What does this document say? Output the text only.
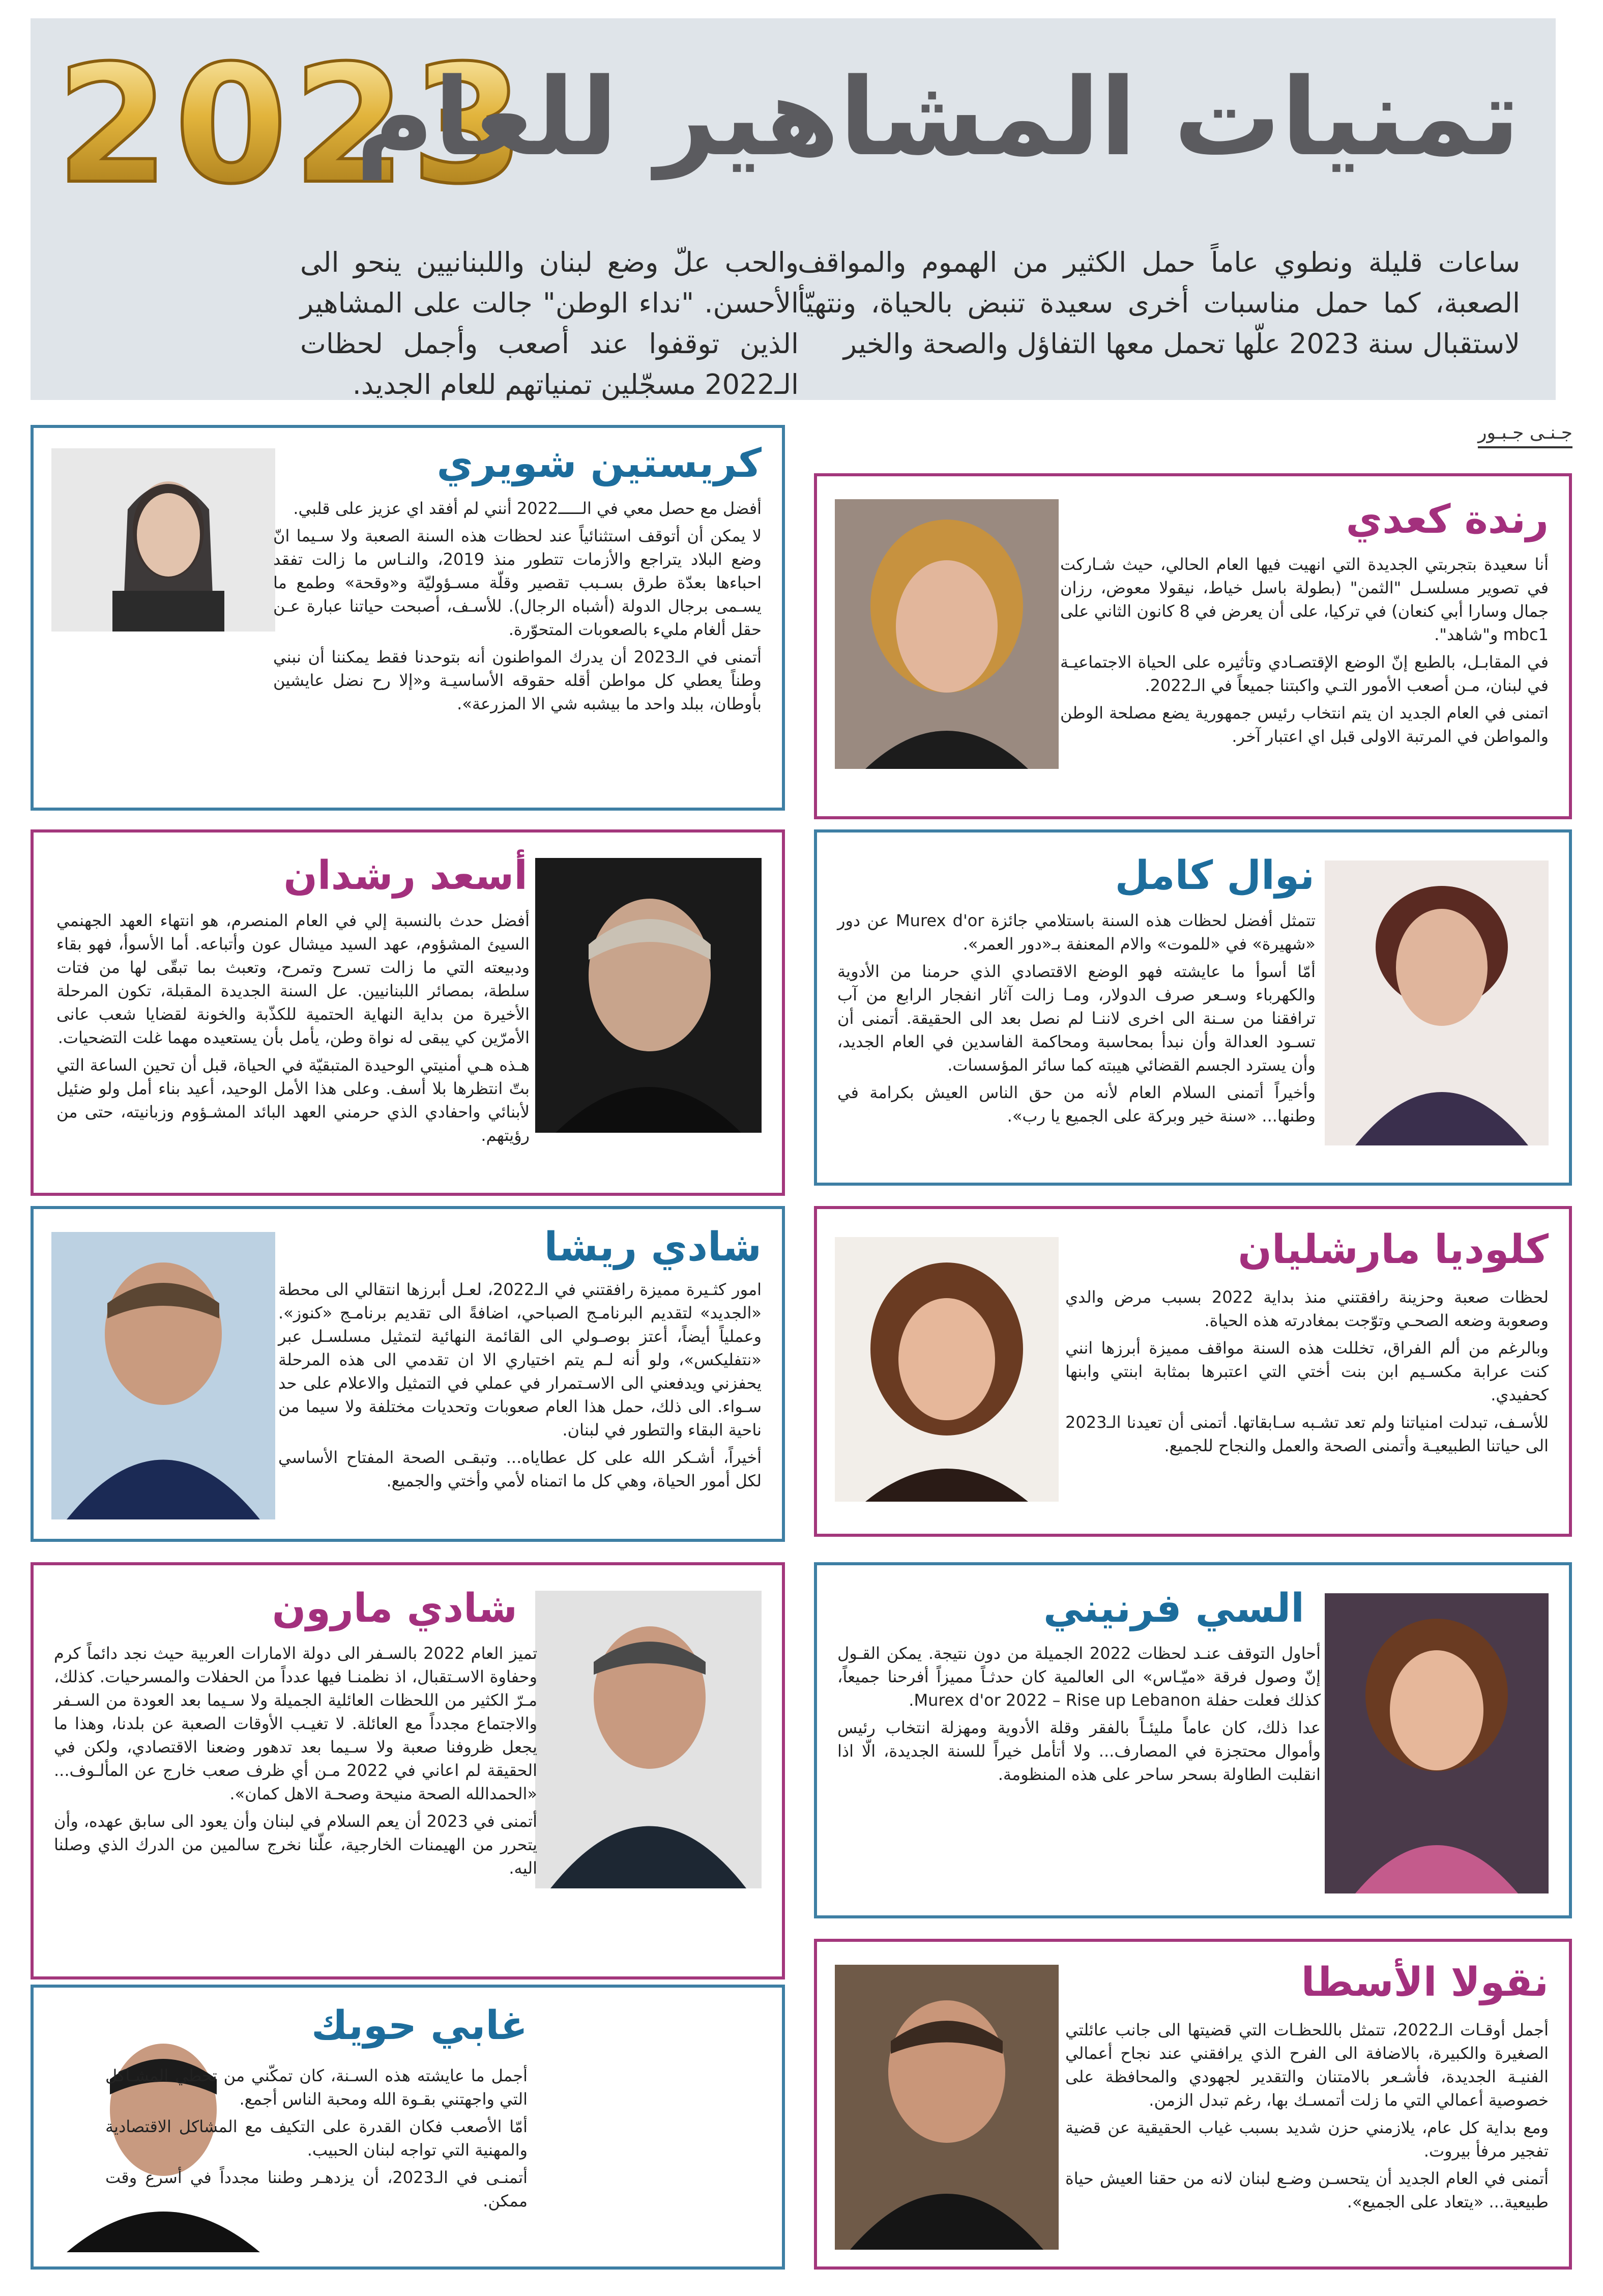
2023
تمنيات المشاهير للعام
ساعات قليلة ونطوي عاماً حمل الكثير من الهموم والمواقف الصعبة، كما حمل مناسبات أخرى سعيدة تنبض بالحياة، ونتهيّأ لاستقبال سنة 2023 علّها تحمل معها التفاؤل والصحة والخير
والحب علّ وضع لبنان واللبنانيين ينحو الى الأحسن. "نداء الوطن" جالت على المشاهير الذين توقفوا عند أصعب وأجمل لحظات الـ2022 مسجّلين تمنياتهم للعام الجديد.
جـنـى جـبـور
كريستين شويري

أفضل مع حصل معي في الـــــ2022 أنني لم أفقد اي عزيز على قلبي.

لا يمكن أن أتوقف استثنائياً عند لحظات هذه السنة الصعبة ولا سـيما انّ وضع البلاد يتراجع والأزمات تتطور منذ 2019، والنـاس ما زالت تفقد احباءها بعدّة طرق بسـبب تقصير وقلّة مسـؤوليّة و«وقحة» وطمع ما يسـمى برجال الدولة (أشباه الرجال). للأسـف، أصبحت حياتنا عبارة عـن حقل ألغام مليء بالصعوبات المتحوّرة.

أتمنى في الـ2023 أن يدرك المواطنون أنه بتوحدنا فقط يمكننا أن نبني وطناً يعطي كل مواطن أقله حقوقه الأساسيـة و«إلا رح نضل عايشين بأوطان، ببلد واحد ما بيشبه شي الا المزرعة».

رندة كعدي

أنا سعيدة بتجربتي الجديدة التي انهيت فيها العام الحالي، حيث شـاركت في تصوير مسلسـل "الثمن" (بطولة باسل خياط، نيقولا معوض، رزان جمال وسارا أبي كنعان) في تركيا، على أن يعرض في 8 كانون الثاني على mbc1 و"شاهد".

في المقابـل، بالطبع إنّ الوضع الإقتصـادي وتأثيره على الحياة الاجتماعيـة في لبنان، مـن أصعب الأمور التـي واكبتنا جميعاً في الـ2022.

اتمنى في العام الجديد ان يتم انتخاب رئيس جمهورية يضع مصلحة الوطن والمواطن في المرتبة الاولى قبل اي اعتبار آخر.

أسعد رشدان

أفضل حدث بالنسبة إلي في العام المنصرم، هو انتهاء العهد الجهنمي السيئ المشؤوم، عهد السيد ميشال عون وأتباعه. أما الأسوأ، فهو بقاء ودبيعته التي ما زالت تسرح وتمرح، وتعبث بما تبقّى لها من فتات سلطة، بمصائر اللبنانيين. عل السنة الجديدة المقبلة، تكون المرحلة الأخيرة من بداية النهاية الحتمية للكذّبة والخونة لقضايا شعب عانى الأمرّين كي يبقى له نواة وطن، يأمل بأن يستعيده مهما غلت التضحيات.

هـذه هـي أمنيتي الوحيدة المتبقيّة في الحياة، قبل أن تحين الساعة التي بتّ انتظرها بلا أسف. وعلى هذا الأمل الوحيد، أعيد بناء أمل ولو ضئيل لأبنائي واحفادي الذي حرمني العهد البائد المشـؤوم وزبانيته، حتى من رؤيتهم.

نوال كامل

تتمثل أفضل لحظات هذه السنة باستلامي جائزة Murex d'or عن دور «شهيرة» في «للموت» والام المعنفة بـ«دور العمر».

أمّا أسوأ ما عايشته فهو الوضع الاقتصادي الذي حرمنا من الأدوية والكهرباء وسـعر صرف الدولار، ومـا زالت آثار انفجار الرابع من آب ترافقنا من سـنة الى اخرى لاننـا لم نصل بعد الى الحقيقة. أتمنى أن تسـود العدالة وأن نبدأ بمحاسبة ومحاكمة الفاسدين في العام الجديد، وأن يسترد الجسم القضائي هيبته كما سائر المؤسسات.

وأخيراً أتمنى السلام العام لأنه من حق الناس العيش بكرامة في وطنها... «سنة خير وبركة على الجميع يا رب».

شادي ريشا

امور كثـيرة مميزة رافقتني في الـ2022، لعـل أبرزها انتقالي الى محطة «الجديد» لتقديم البرنامـج الصباحي، اضافةً الى تقديم برنامـج «كنوز». وعملياً أيضاً، أعتز بوصـولي الى القائمة النهائية لتمثيل مسلسـل عبر «نتفليكس»، ولو أنه لـم يتم اختياري الا ان تقدمي الى هذه المرحلة يحفزني ويدفعني الى الاسـتمرار في عملي في التمثيل والاعلام على حد سـواء. الى ذلك، حمل هذا العام صعوبات وتحديات مختلفة ولا سيما من ناحية البقاء والتطور في لبنان.

أخيراً، أشـكر الله على كل عطاياه... وتبقـى الصحة المفتاح الأساسي لكل أمور الحياة، وهي كل ما اتمناه لأمي وأختي والجميع.

كلوديا مارشليان

لحظات صعبة وحزينة رافقتني منذ بداية 2022 بسبب مرض والدي وصعوبة وضعه الصحـي وتوّجت بمغادرته هذه الحياة.

وبالرغم من ألم الفراق، تخللت هذه السنة مواقف مميزة أبرزها انني كنت عرابة مكسـيم ابن بنت أختي التي اعتبرها بمثابة ابنتي وابنها كحفيدي.

للأسـف، تبدلت امنياتنا ولم تعد تشـبه سـابقاتها. أتمنى أن تعيدنا الـ2023 الى حياتنا الطبيعيـة وأتمنى الصحة والعمل والنجاح للجميع.

شادي مارون

تميز العام 2022 بالسـفر الى دولة الامارات العربية حيث نجد دائماً كرم وحفاوة الاسـتقبال، اذ نظمنـا فيها عدداً من الحفلات والمسرحيات. كذلك، مـرّ الكثير من اللحظات العائلية الجميلة ولا سـيما بعد العودة من السـفر والاجتماع مجدداً مع العائلة. لا تغيـب الأوقات الصعبة عن بلدنا، وهذا ما يجعل ظروفنا صعبة ولا سـيما بعد تدهور وضعنا الاقتصادي، ولكن في الحقيقة لم اعاني في 2022 مـن أي ظرف صعب خارج عن المألـوف... «الحمدالله الصحة منيحة وصحـة الاهل كمان».

أتمنى في 2023 أن يعم السلام في لبنان وأن يعود الى سابق عهده، وأن يتحرر من الهيمنات الخارجية، علّنا نخرج سالمين من الدرك الذي وصلنا اليه.

السي فرنيني

أحاول التوقف عنـد لحظات 2022 الجميلة من دون نتيجة. يمكن القـول إنّ وصول فرقة «ميّـاس» الى العالمية كان حدثـاً مميزاً أفرحنا جميعاً، كذلك فعلت حفلة Murex d'or 2022 – Rise up Lebanon.

عدا ذلك، كان عاماً مليئـاً بالفقر وقلة الأدوية ومهزلة انتخاب رئيس وأموال محتجزة في المصارف... ولا أتأمل خيراً للسنة الجديدة، الّا اذا انقلبت الطاولة بسحر ساحر على هذه المنظومة.

غابي حويك

أجمل ما عايشته هذه السـنة، كان تمكّني من تخطي المشـاكل التي واجهتني بقـوة الله ومحبة الناس أجمع.

أمّا الأصعب فكان القدرة على التكيف مع المشاكل الاقتصادية والمهنية التي تواجه لبنان الحبيب.

أتمنـى في الـ2023، أن يزدهـر وطننا مجدداً في أسرع وقت ممكن.

نقولا الأسطا

أجمل أوقـات الـ2022، تتمثل باللحظـات التي قضيتها الى جانب عائلتي الصغيرة والكبيرة، بالاضافة الى الفرح الذي يرافقني عند نجاح أعمالي الفنيـة الجديدة، فأشـعر بالامتنان والتقدير لجهودي والمحافظة على خصوصية أعمالي التي ما زلت أتمسـك بها، رغم تبدل الزمن.

ومع بداية كل عام، يلازمني حزن شديد بسبب غياب الحقيقية عن قضية تفجير مرفأ بيروت.

أتمنى في العام الجديد أن يتحسـن وضـع لبنان لانه من حقنا العيش حياة طبيعية... «يتعاد على الجميع».
